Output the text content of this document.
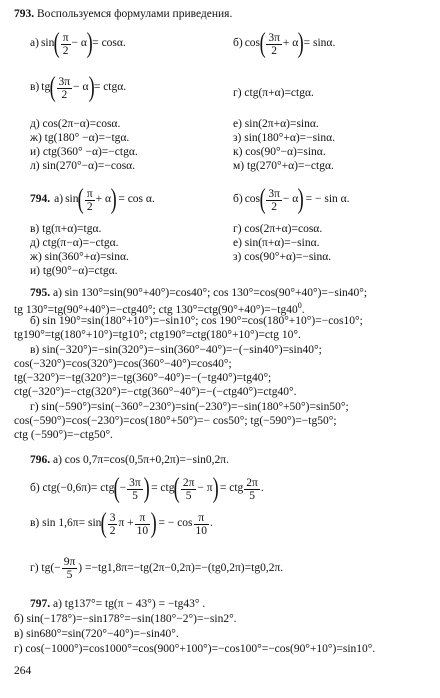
793. Воспользуемся формулами приведения.
а) sin ( $\frac{\pi}{2} - \alpha$ ) = cosα.	б) cos ( $\frac{3\pi}{2} + \alpha$ ) = sinα.
в) tg ( $\frac{3\pi}{2} - \alpha$ ) = ctgα.	г) ctg(π+α)=ctgα.
д) cos(2π−α)=cosα.	е) sin(2π+α)=sinα.
ж) tg(180° −α)=−tgα.	з) sin(180°+α)=−sinα.
и) ctg(360° −α)=−ctgα.	к) cos(90°−α)=sinα.
л) sin(270°−α)=−cosα.	м) tg(270°+α)=−ctgα.
794. а) sin ( $\frac{\pi}{2} + \alpha$ ) = cos α.	б) cos ( $\frac{3\pi}{2} - \alpha$ ) = − sin α.
в) tg(π+α)=tgα.	г) cos(2π+α)=cosα.
д) ctg(π−α)=−ctgα.	е) sin(π+α)=−sinα.
ж) sin(360°+α)=sinα.	з) cos(90°+α)=−sinα.
и) tg(90°−α)=ctgα.
795. а) sin 130°=sin(90°+40°)=cos40°; cos 130°=cos(90°+40°)=−sin40°;
tg 130°=tg(90°+40°)=−ctg40°; ctg $130^\circ=ctg(90^\circ+40^\circ)=-tg40^0$.
б) sin 190°=sin(180°+10°)=−sin10°; cos 190°=cos(180°+10°)=−cos10°;
tg190°=tg(180°+10°)=tg10°; ctg190°=ctg(180°+10°)=ctg 10°.
в) sin(−320°)=−sin(320°)=−sin(360°−40°)=−(−sin40°)=sin40°;
cos(−320°)=cos(320°)=cos(360°−40°)=cos40°;
tg(−320°)=−tg(320°)=−tg(360°−40°)=−(−tg40°)=tg40°;
ctg(−320°)=−ctg(320°)=−ctg(360°−40°)=−(−ctg40°)=ctg40°.
г) sin(−590°)=sin(−360°−230°)=sin(−230°)=−sin(180°+50°)=sin50°;
cos(−590°)=cos(−230°)=cos(180°+50°)=− cos50°; tg(−590°)=−tg50°;
ctg (−590°)=−ctg50°.
796. а) cos 0,7π=cos(0,5π+0,2π)=−sin0,2π.
б) ctg(−0,6π)= ctg ( − $\frac{3\pi}{5}$ ) = ctg ( $\frac{2\pi}{5} - \pi$ ) = ctg $\frac{2\pi}{5}$ .
в) sin 1,6π= sin ( $\frac{3}{2}$ $\pi + \frac{\pi}{10}$ ) = − $\cos \frac{\pi}{10}$ .
г) tg ( − $\frac{9\pi}{5}$ ) =−tg1,8π=−tg(2π−0,2π)=−(tg0,2π)=tg0,2π.
797. а) tg137°= tg(π − 43°) = −tg43° .
б) sin(−178°)=−sin178°=−sin(180°−2°)=−sin2°.
в) sin680°=sin(720°−40°)=−sin40°.
г) cos(−1000°)=cos1000°=cos(900°+100°)=−cos100°=−cos(90°+10°)=sin10°.
264
